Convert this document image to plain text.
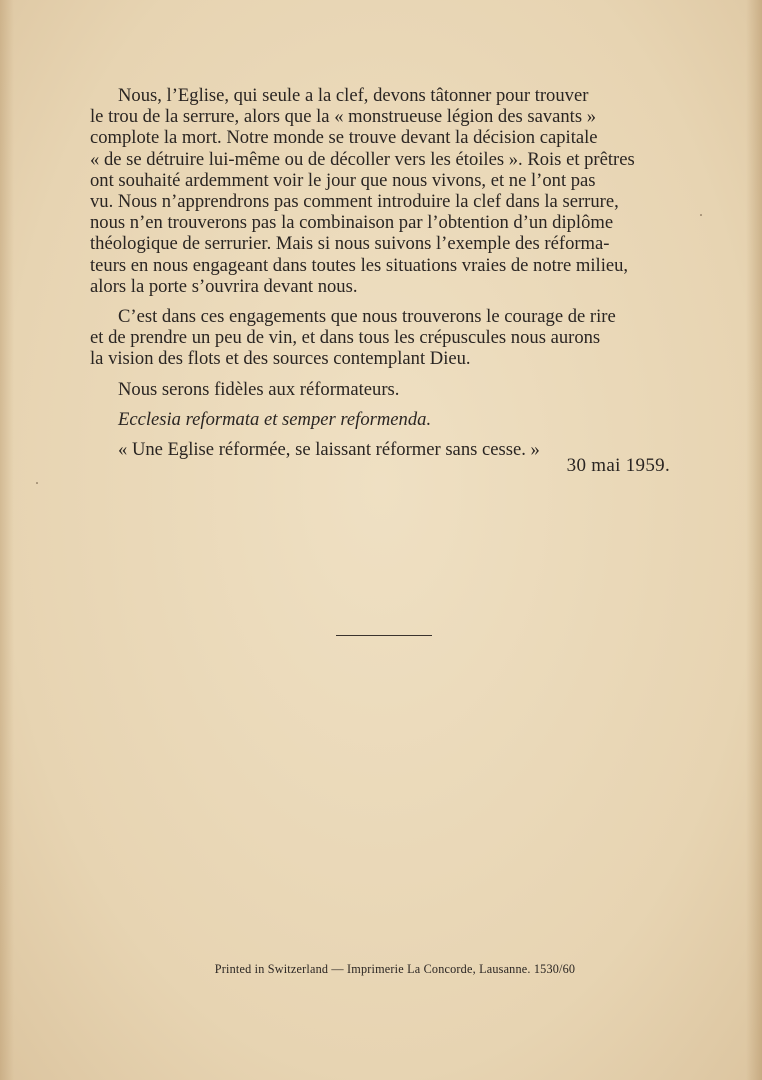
Nous, l’Eglise, qui seule a la clef, devons tâtonner pour trouver
le trou de la serrure, alors que la « monstrueuse légion des savants »
complote la mort. Notre monde se trouve devant la décision capitale
« de se détruire lui-même ou de décoller vers les étoiles ». Rois et prêtres
ont souhaité ardemment voir le jour que nous vivons, et ne l’ont pas
vu. Nous n’apprendrons pas comment introduire la clef dans la serrure,
nous n’en trouverons pas la combinaison par l’obtention d’un diplôme
théologique de serrurier. Mais si nous suivons l’exemple des réforma-
teurs en nous engageant dans toutes les situations vraies de notre milieu,
alors la porte s’ouvrira devant nous.

C’est dans ces engagements que nous trouverons le courage de rire
et de prendre un peu de vin, et dans tous les crépuscules nous aurons
la vision des flots et des sources contemplant Dieu.

Nous serons fidèles aux réformateurs.

Ecclesia reformata et semper reformenda.

« Une Eglise réformée, se laissant réformer sans cesse. »

30 mai 1959.
Printed in Switzerland — Imprimerie La Concorde, Lausanne. 1530/60
